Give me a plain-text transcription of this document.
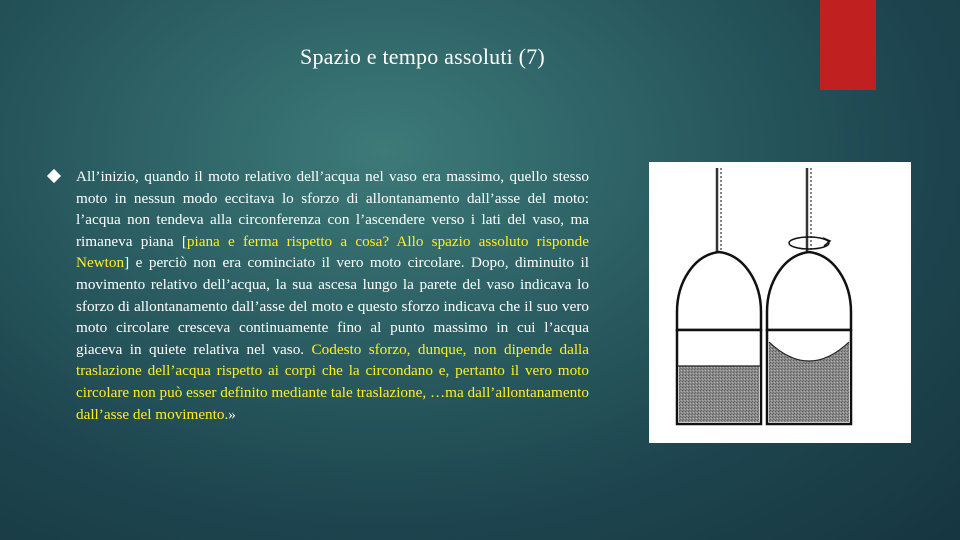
Spazio e tempo assoluti (7)
All’inizio, quando il moto relativo dell’acqua nel vaso era massimo, quello stesso moto in nessun modo eccitava lo sforzo di allontanamento dall’asse del moto: l’acqua non tendeva alla circonferenza con l’ascendere verso i lati del vaso, ma rimaneva piana [piana e ferma rispetto a cosa? Allo spazio assoluto risponde Newton] e perciò non era cominciato il vero moto circolare. Dopo, diminuito il movimento relativo dell’acqua, la sua ascesa lungo la parete del vaso indicava lo sforzo di allontanamento dall’asse del moto e questo sforzo indicava che il suo vero moto circolare cresceva continuamente fino al punto massimo in cui l’acqua giaceva in quiete relativa nel vaso. Codesto sforzo, dunque, non dipende dalla traslazione dell’acqua rispetto ai corpi che la circondano e, pertanto il vero moto circolare non può esser definito mediante tale traslazione, …ma dall’allontanamento dall’asse del movimento.»
